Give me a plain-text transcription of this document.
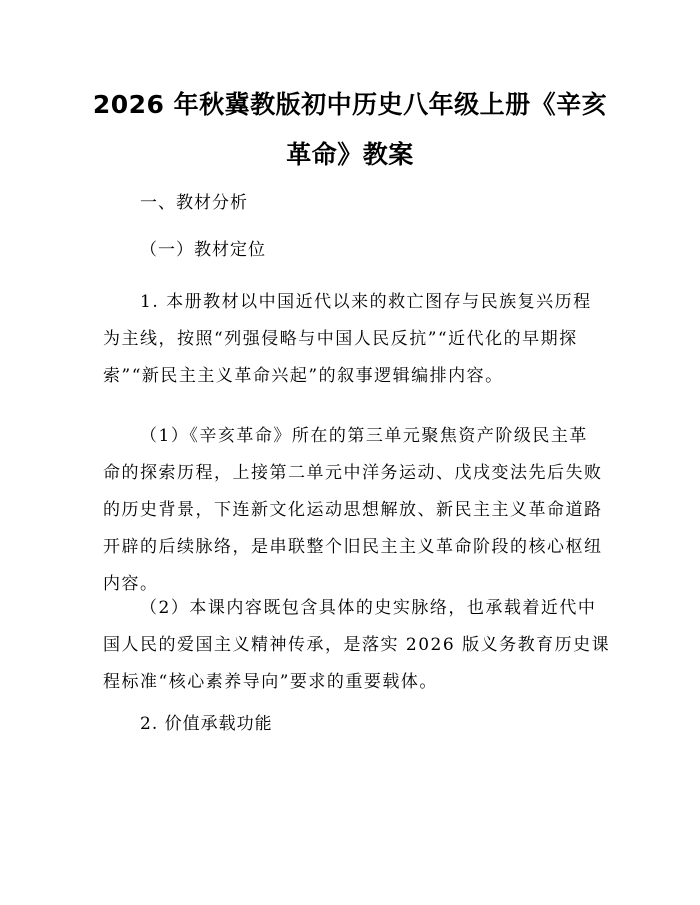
2026 年秋冀教版初中历史八年级上册《辛亥
革命》教案
一、教材分析
（一）教材定位
1. 本册教材以中国近代以来的救亡图存与民族复兴历程
为主线，按照“列强侵略与中国人民反抗”“近代化的早期探
索”“新民主主义革命兴起”的叙事逻辑编排内容。
（1）《辛亥革命》所在的第三单元聚焦资产阶级民主革
命的探索历程，上接第二单元中洋务运动、戊戌变法先后失败
的历史背景，下连新文化运动思想解放、新民主主义革命道路
开辟的后续脉络，是串联整个旧民主主义革命阶段的核心枢纽
内容。
（2）本课内容既包含具体的史实脉络，也承载着近代中
国人民的爱国主义精神传承，是落实 2026 版义务教育历史课
程标准“核心素养导向”要求的重要载体。
2. 价值承载功能
